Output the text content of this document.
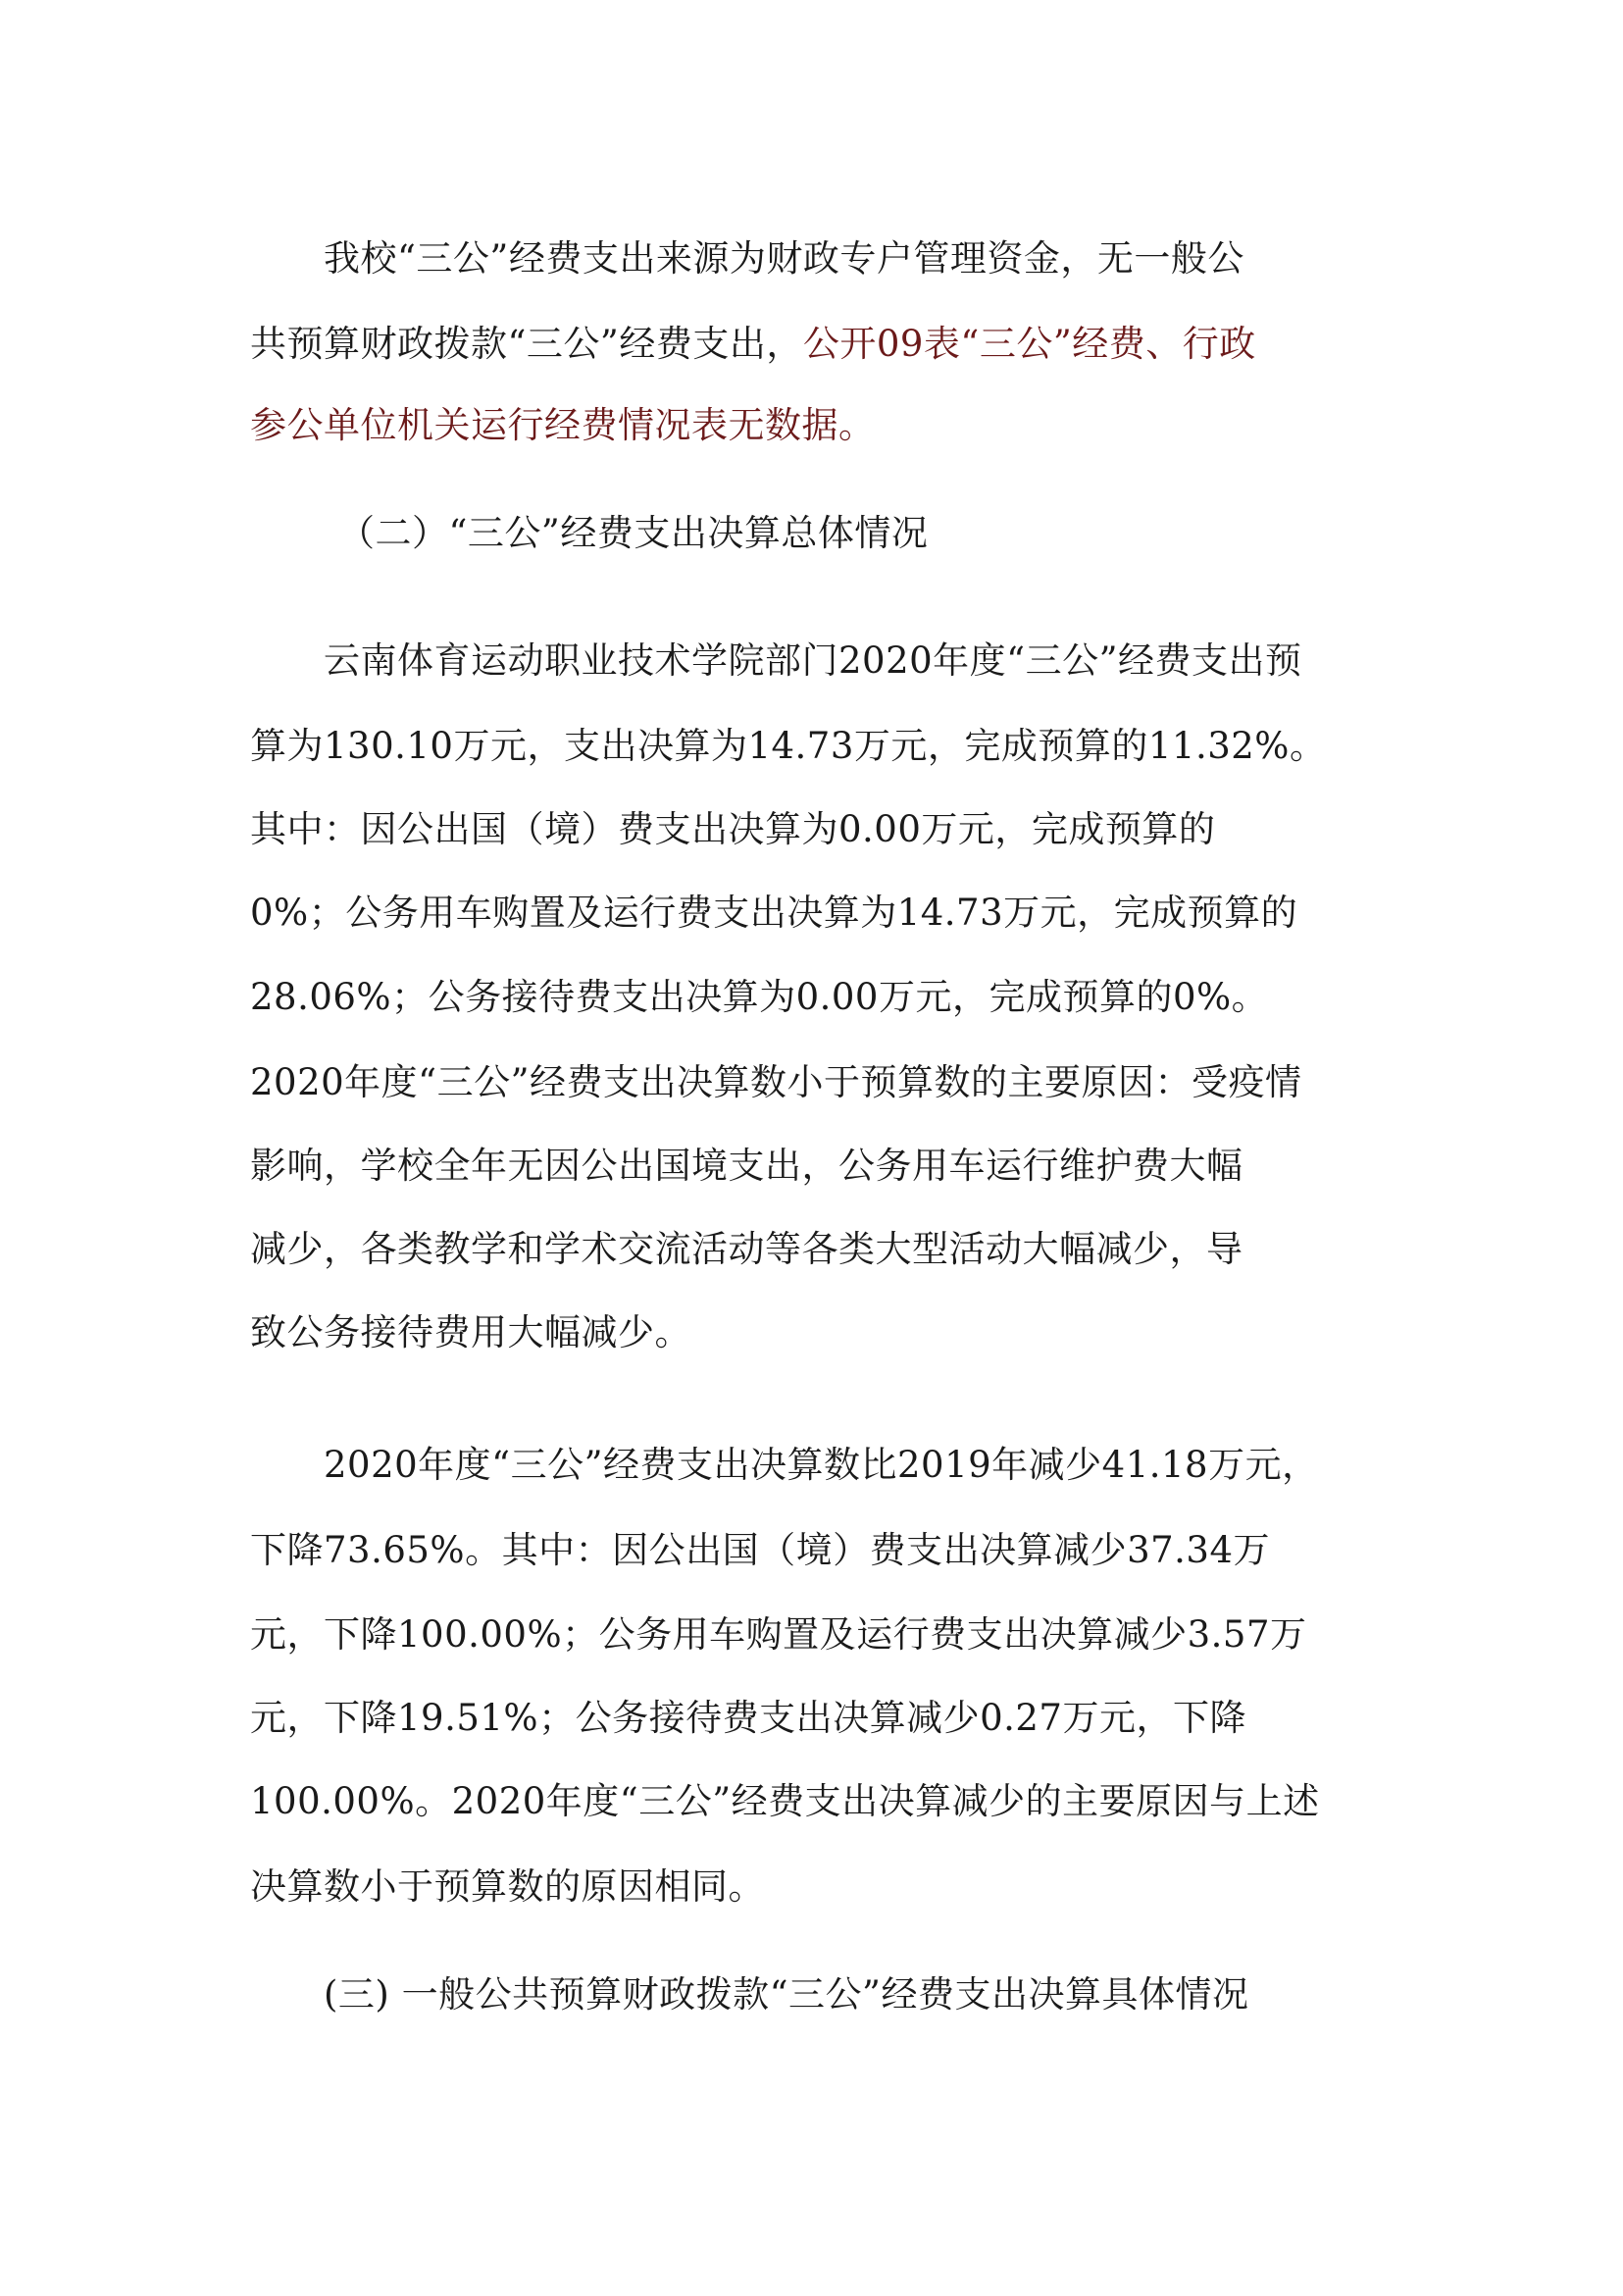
我校“三公”经费支出来源为财政专户管理资金，无一般公
共预算财政拨款“三公”经费支出，公开09表“三公”经费、行政
参公单位机关运行经费情况表无数据。
（二）“三公”经费支出决算总体情况
云南体育运动职业技术学院部门2020年度“三公”经费支出预
算为130.10万元，支出决算为14.73万元，完成预算的11.32%。
其中：因公出国（境）费支出决算为0.00万元，完成预算的
0%；公务用车购置及运行费支出决算为14.73万元，完成预算的
28.06%；公务接待费支出决算为0.00万元，完成预算的0%。
2020年度“三公”经费支出决算数小于预算数的主要原因：受疫情
影响，学校全年无因公出国境支出，公务用车运行维护费大幅
减少，各类教学和学术交流活动等各类大型活动大幅减少，导
致公务接待费用大幅减少。
2020年度“三公”经费支出决算数比2019年减少41.18万元，
下降73.65%。其中：因公出国（境）费支出决算减少37.34万
元，下降100.00%；公务用车购置及运行费支出决算减少3.57万
元，下降19.51%；公务接待费支出决算减少0.27万元，下降
100.00%。2020年度“三公”经费支出决算减少的主要原因与上述
决算数小于预算数的原因相同。
(三) 一般公共预算财政拨款“三公”经费支出决算具体情况
